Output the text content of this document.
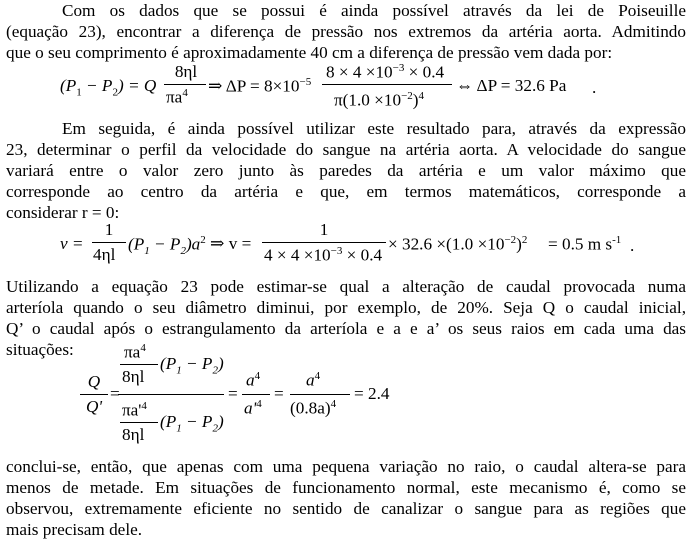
Com os dados que se possui é ainda possível através da lei de Poiseuille
(equação 23), encontrar a diferença de pressão nos extremos da artéria aorta. Admitindo
que o seu comprimento é aproximadamente 40 cm a diferença de pressão vem dada por:
$(P_1 - P_2) = Q$
8ηl
$\pi a^4$ ⇒ $\Delta P = 8\times 10^{-5}$
$8 \times 4 \times 10^{-3} \times 0.4$
$\pi(1.0 \times 10^{-2})^4$
⇔ ΔP = 32.6 Pa .
Em seguida, é ainda possível utilizar este resultado para, através da expressão
23, determinar o perfil da velocidade do sangue na artéria aorta. A velocidade do sangue
variará entre o valor zero junto às paredes da artéria e um valor máximo que
corresponde ao centro da artéria e que, em termos matemáticos, corresponde a
considerar r = 0:
v =
1
4ηl
$(P_1 - P_2)a^2$ ⇒ v =
1
$4 \times 4 \times 10^{-3} \times 0.4$
× $32.6 \times(1.0 \times 10^{-2})^2 = 0.5$ m $s^{-1}$ .
Utilizando a equação 23 pode estimar-se qual a alteração de caudal provocada numa
arteríola quando o seu diâmetro diminui, por exemplo, de 20%. Seja Q o caudal inicial,
Q’ o caudal após o estrangulamento da arteríola e a e a’ os seus raios em cada uma das
situações:
Q
Q'
=
$\pi a^4$
8ηl
$(P_1 - P_2)$
$\pi a'^4$
8ηl
$(P_1 - P_2)$
=
$a^4$
$a'^4$
=
$a^4$
$(0.8a)^4$
= 2.4
conclui-se, então, que apenas com uma pequena variação no raio, o caudal altera-se para
menos de metade. Em situações de funcionamento normal, este mecanismo é, como se
observou, extremamente eficiente no sentido de canalizar o sangue para as regiões que
mais precisam dele.
